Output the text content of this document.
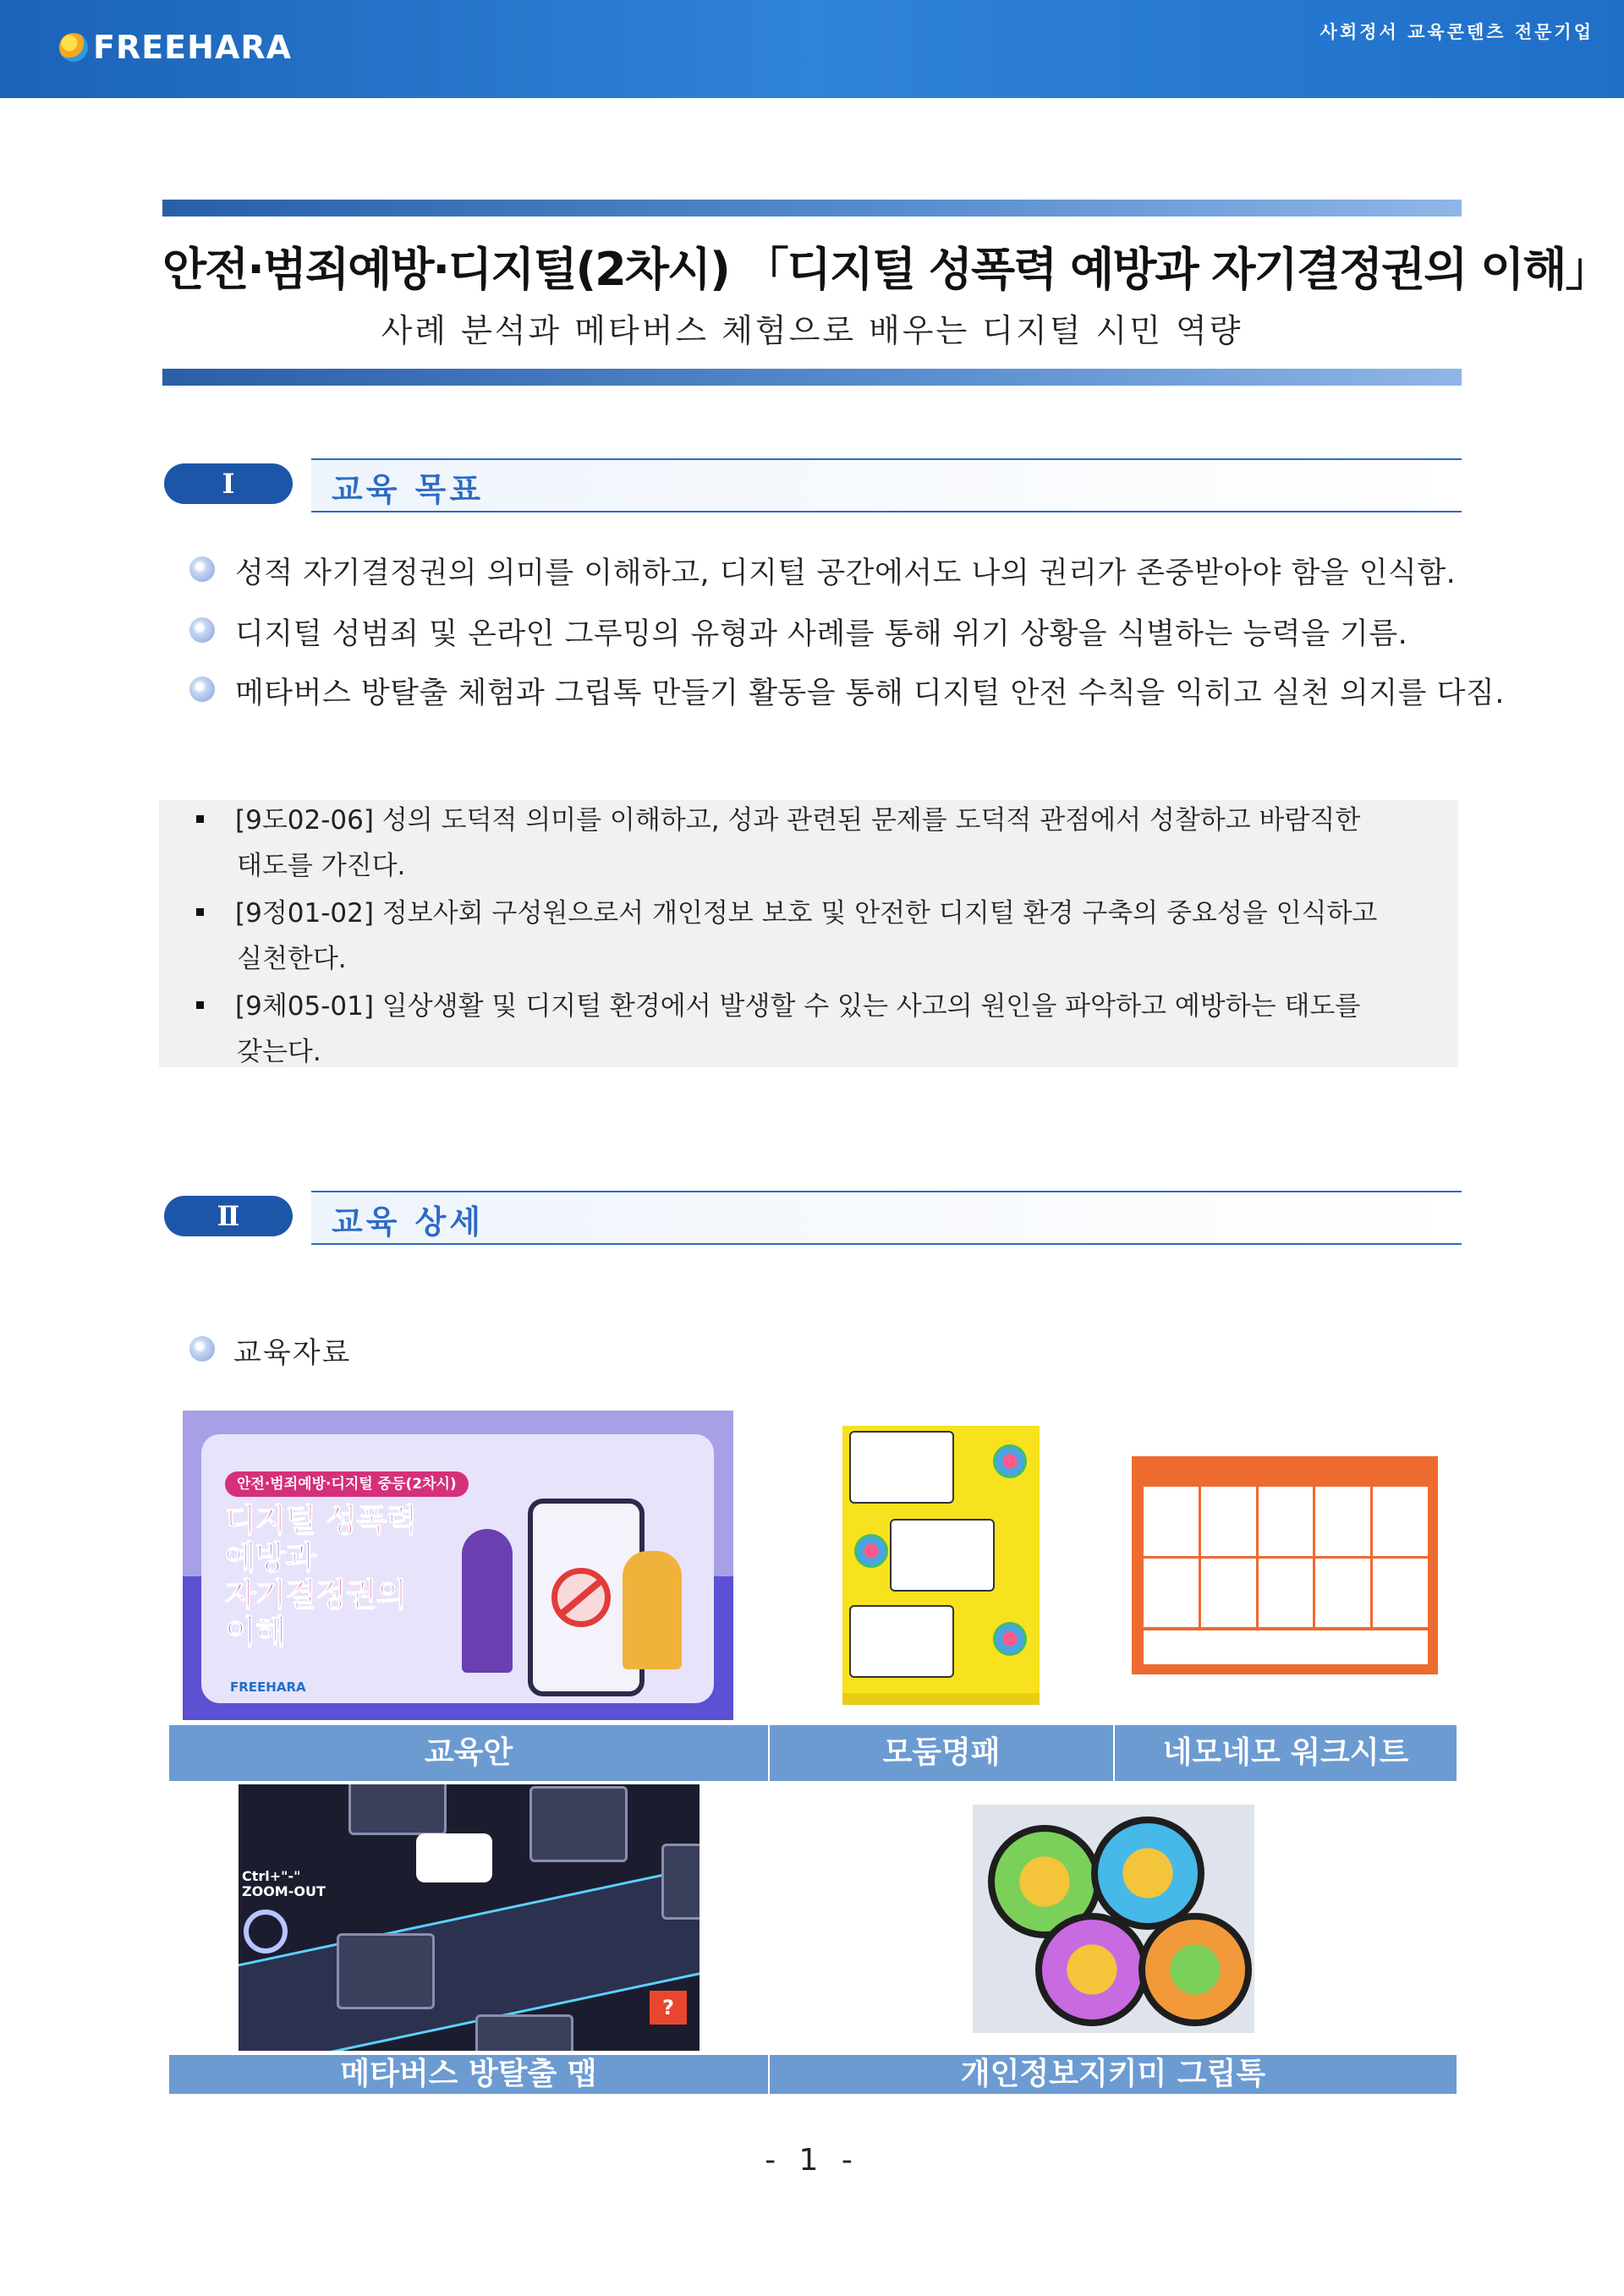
FREEHARA	사회정서 교육콘텐츠 전문기업
안전·범죄예방·디지털(2차시) 「디지털 성폭력 예방과 자기결정권의 이해」
사례 분석과 메타버스 체험으로 배우는 디지털 시민 역량
Ⅰ	교육 목표
성적 자기결정권의 의미를 이해하고, 디지털 공간에서도 나의 권리가 존중받아야 함을 인식함.
디지털 성범죄 및 온라인 그루밍의 유형과 사례를 통해 위기 상황을 식별하는 능력을 기름.
메타버스 방탈출 체험과 그립톡 만들기 활동을 통해 디지털 안전 수칙을 익히고 실천 의지를 다짐.
[9도02-06] 성의 도덕적 의미를 이해하고, 성과 관련된 문제를 도덕적 관점에서 성찰하고 바람직한
태도를 가진다.
[9정01-02] 정보사회 구성원으로서 개인정보 보호 및 안전한 디지털 환경 구축의 중요성을 인식하고
실천한다.
[9체05-01] 일상생활 및 디지털 환경에서 발생할 수 있는 사고의 원인을 파악하고 예방하는 태도를
갖는다.
Ⅱ	교육 상세
교육자료
안전·범죄예방·디지털 중등(2차시)
디지털 성폭력
예방과
자기결정권의
이해
FREEHARA
교육안	모둠명패	네모네모 워크시트
Ctrl+"-"
ZOOM-OUT
?
메타버스 방탈출 맵	개인정보지키미 그립톡
- 1 -
